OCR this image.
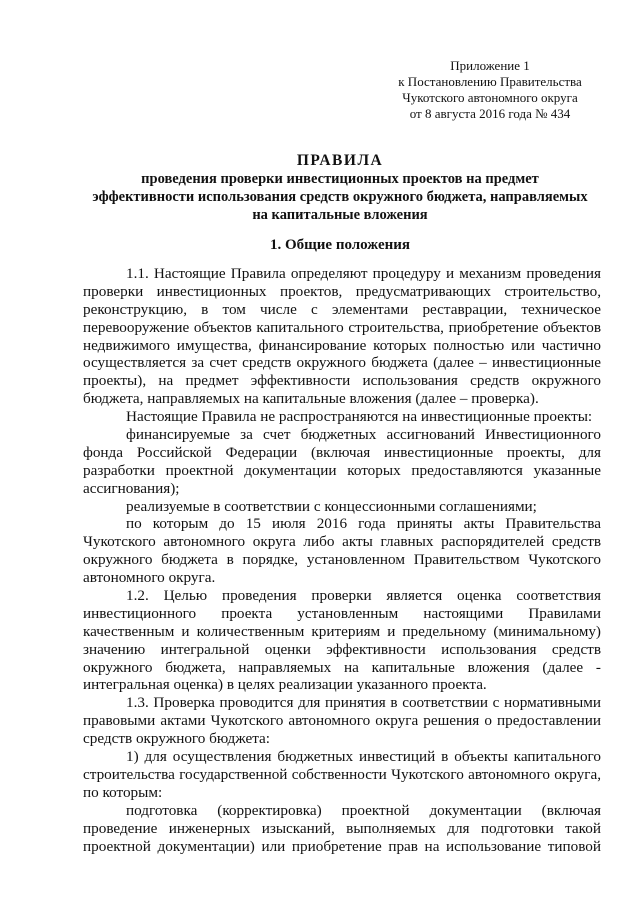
Приложение 1
к Постановлению Правительства
Чукотского автономного округа
от 8 августа 2016 года № 434
ПРАВИЛА
проведения проверки инвестиционных проектов на предмет
эффективности использования средств окружного бюджета, направляемых
на капитальные вложения
1. Общие положения
1.1. Настоящие Правила определяют процедуру и механизм проведения
проверки инвестиционных проектов, предусматривающих строительство,
реконструкцию, в том числе с элементами реставрации, техническое
перевооружение объектов капитального строительства, приобретение объектов
недвижимого имущества, финансирование которых полностью или частично
осуществляется за счет средств окружного бюджета (далее – инвестиционные
проекты), на предмет эффективности использования средств окружного
бюджета, направляемых на капитальные вложения (далее – проверка).
Настоящие Правила не распространяются на инвестиционные проекты:
финансируемые за счет бюджетных ассигнований Инвестиционного
фонда Российской Федерации (включая инвестиционные проекты, для
разработки проектной документации которых предоставляются указанные
ассигнования);
реализуемые в соответствии с концессионными соглашениями;
по которым до 15 июля 2016 года приняты акты Правительства
Чукотского автономного округа либо акты главных распорядителей средств
окружного бюджета в порядке, установленном Правительством Чукотского
автономного округа.
1.2. Целью проведения проверки является оценка соответствия
инвестиционного проекта установленным настоящими Правилами
качественным и количественным критериям и предельному (минимальному)
значению интегральной оценки эффективности использования средств
окружного бюджета, направляемых на капитальные вложения (далее -
интегральная оценка) в целях реализации указанного проекта.
1.3. Проверка проводится для принятия в соответствии с нормативными
правовыми актами Чукотского автономного округа решения о предоставлении
средств окружного бюджета:
1) для осуществления бюджетных инвестиций в объекты капитального
строительства государственной собственности Чукотского автономного округа,
по которым:
подготовка (корректировка) проектной документации (включая
проведение инженерных изысканий, выполняемых для подготовки такой
проектной документации) или приобретение прав на использование типовой
